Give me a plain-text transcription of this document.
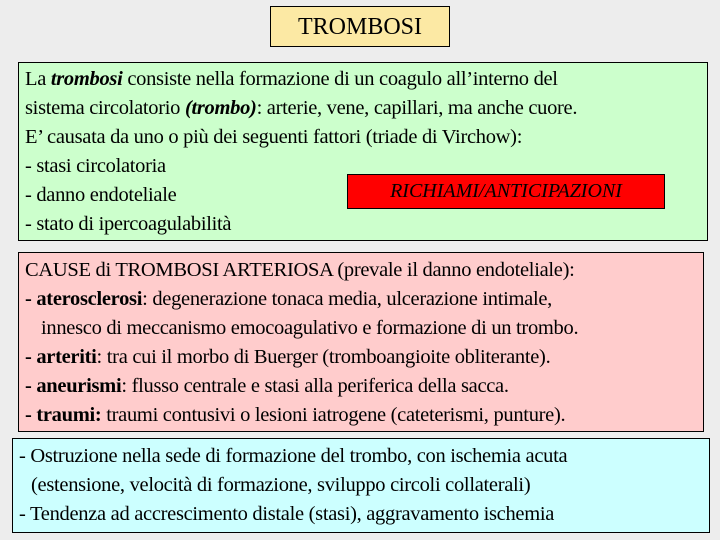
TROMBOSI
La trombosi consiste nella formazione di un coagulo all’interno del
sistema circolatorio (trombo): arterie, vene, capillari, ma anche cuore.
E’ causata da uno o più dei seguenti fattori (triade di Virchow):
- stasi circolatoria
- danno endoteliale
- stato di ipercoagulabilità
RICHIAMI/ANTICIPAZIONI
CAUSE di TROMBOSI ARTERIOSA (prevale il danno endoteliale):
- aterosclerosi: degenerazione tonaca media, ulcerazione intimale,
innesco di meccanismo emocoagulativo e formazione di un trombo.
- arteriti: tra cui il morbo di Buerger (tromboangioite obliterante).
- aneurismi: flusso centrale e stasi alla periferica della sacca.
- traumi: traumi contusivi o lesioni iatrogene (cateterismi, punture).
- Ostruzione nella sede di formazione del trombo, con ischemia acuta
(estensione, velocità di formazione, sviluppo circoli collaterali)
- Tendenza ad accrescimento distale (stasi), aggravamento ischemia
